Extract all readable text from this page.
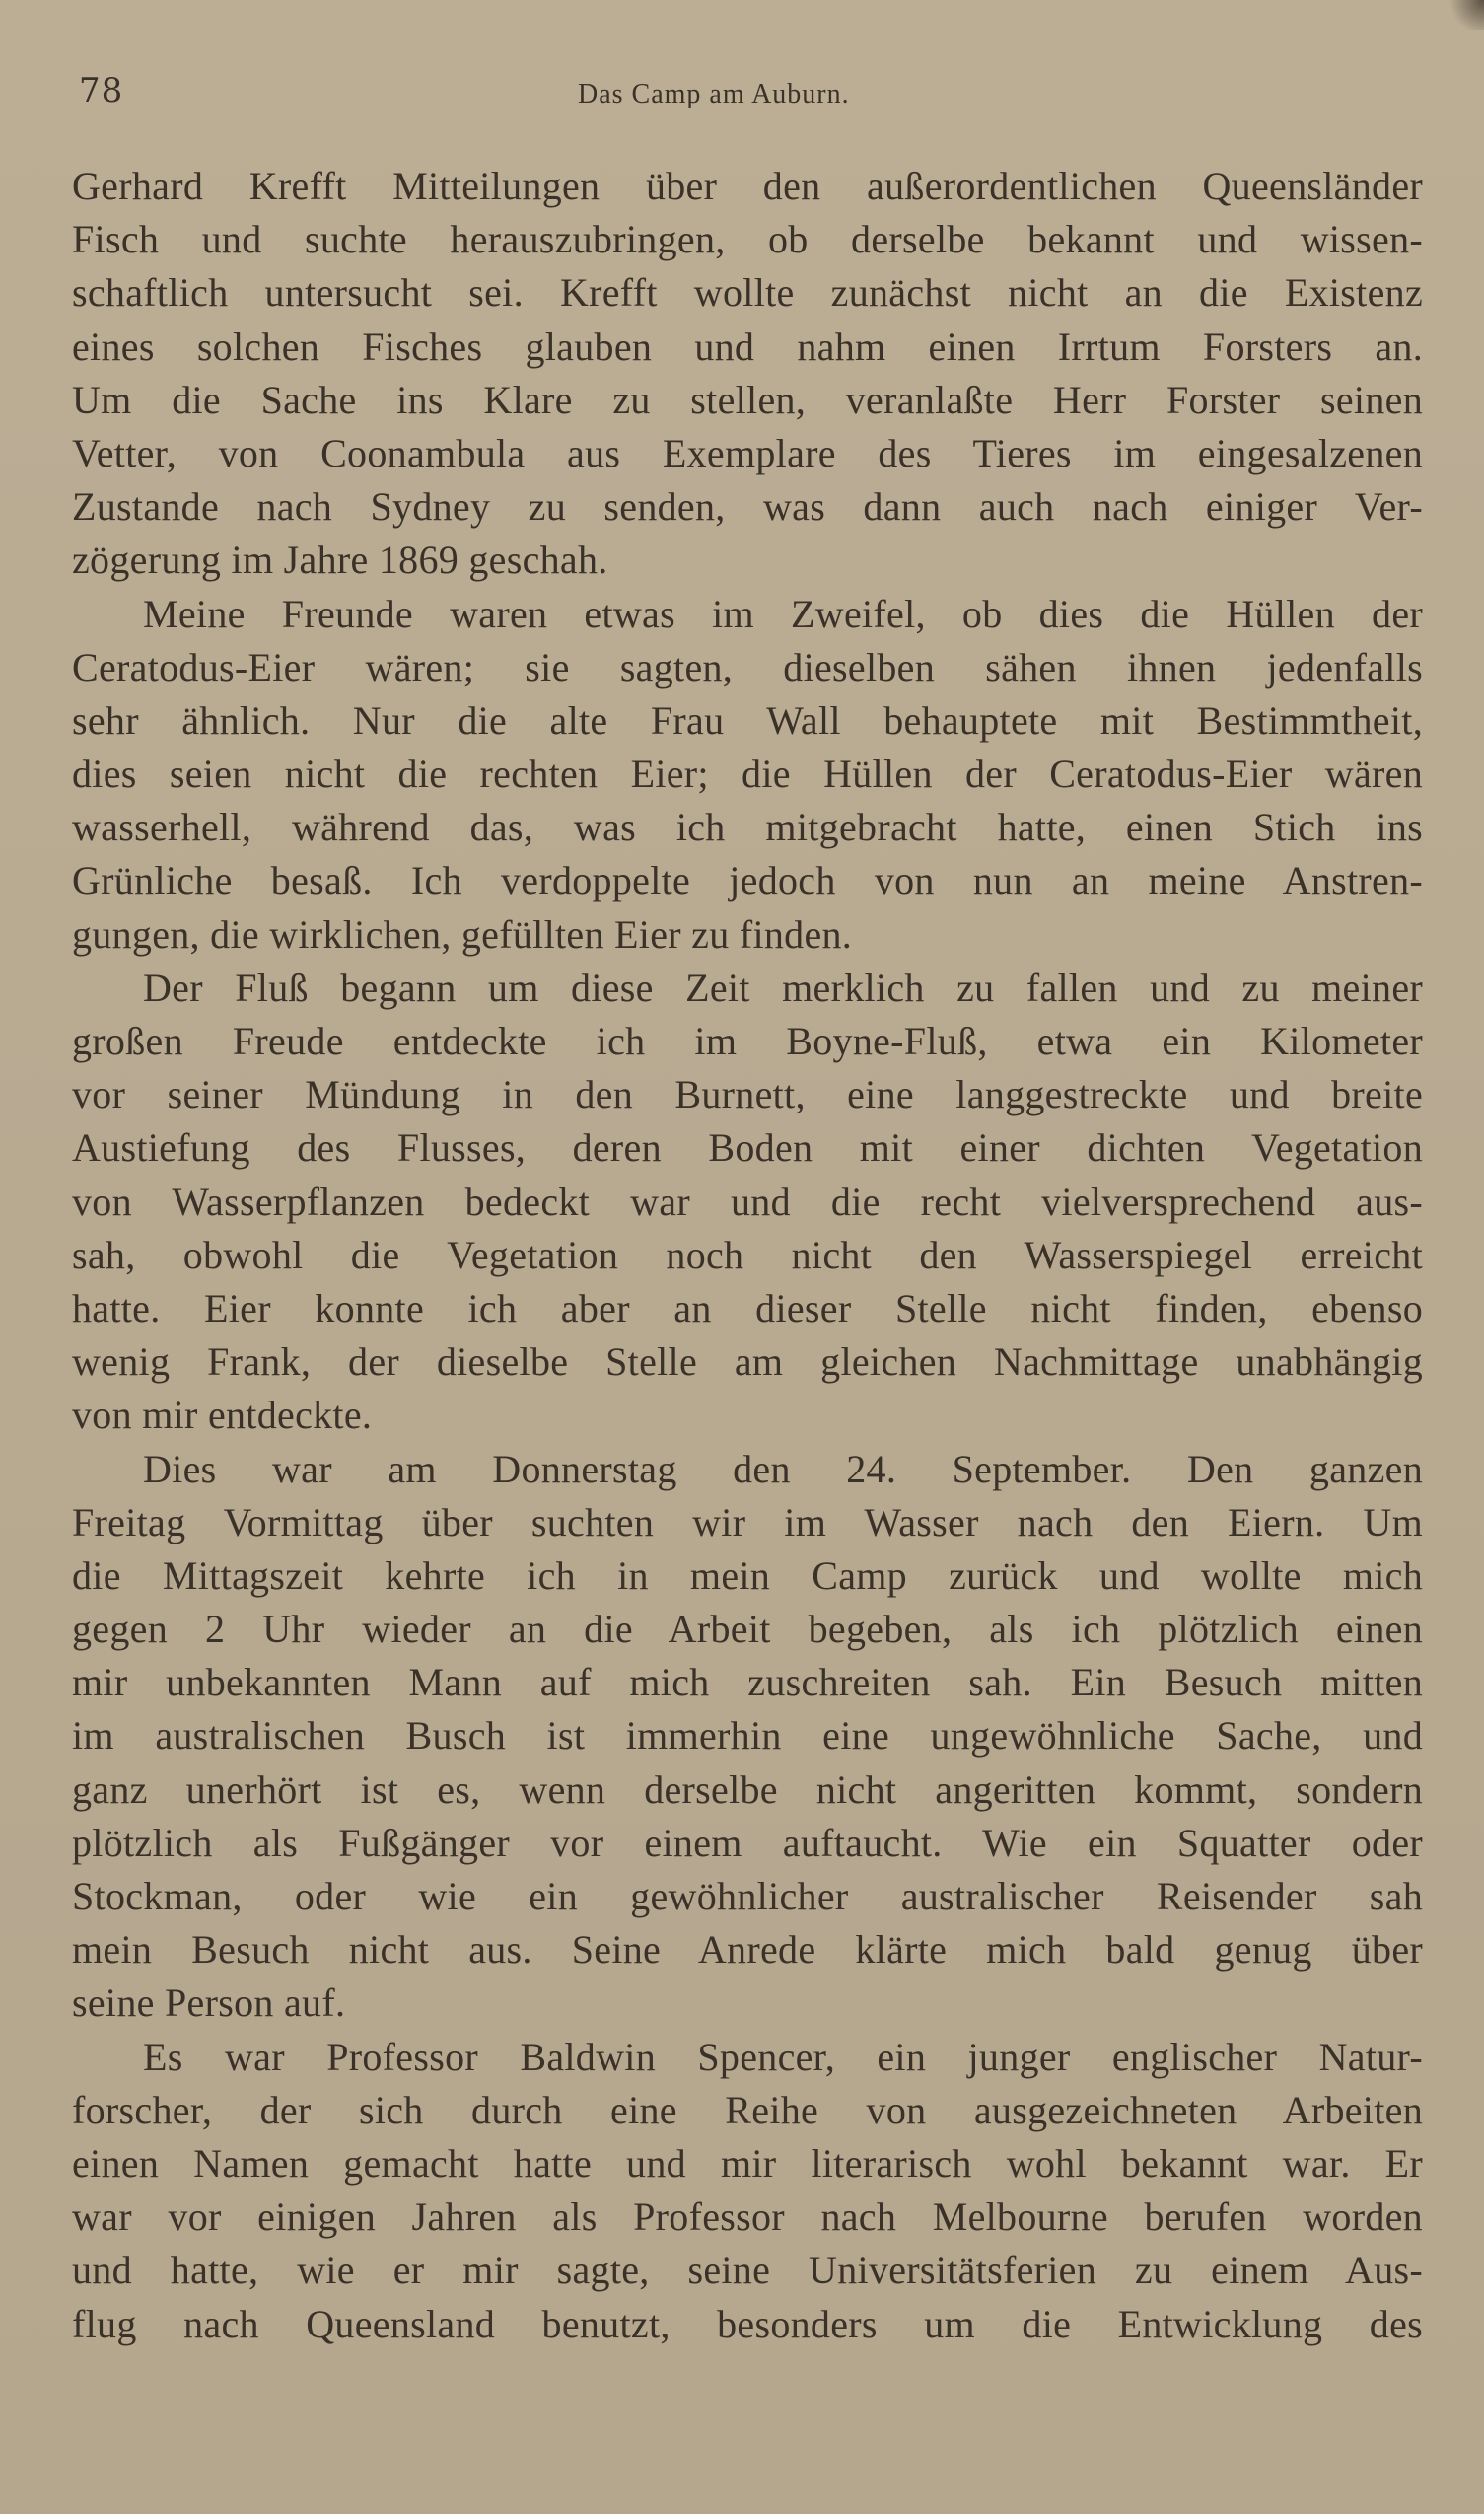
78	Das Camp am Auburn.
Gerhard Krefft Mitteilungen über den außerordentlichen Queensländer
Fisch und suchte herauszubringen, ob derselbe bekannt und wissen-
schaftlich untersucht sei. Krefft wollte zunächst nicht an die Existenz
eines solchen Fisches glauben und nahm einen Irrtum Forsters an.
Um die Sache ins Klare zu stellen, veranlaßte Herr Forster seinen
Vetter, von Coonambula aus Exemplare des Tieres im eingesalzenen
Zustande nach Sydney zu senden, was dann auch nach einiger Ver-
zögerung im Jahre 1869 geschah.
Meine Freunde waren etwas im Zweifel, ob dies die Hüllen der
Ceratodus-Eier wären; sie sagten, dieselben sähen ihnen jedenfalls
sehr ähnlich. Nur die alte Frau Wall behauptete mit Bestimmtheit,
dies seien nicht die rechten Eier; die Hüllen der Ceratodus-Eier wären
wasserhell, während das, was ich mitgebracht hatte, einen Stich ins
Grünliche besaß. Ich verdoppelte jedoch von nun an meine Anstren-
gungen, die wirklichen, gefüllten Eier zu finden.
Der Fluß begann um diese Zeit merklich zu fallen und zu meiner
großen Freude entdeckte ich im Boyne-Fluß, etwa ein Kilometer
vor seiner Mündung in den Burnett, eine langgestreckte und breite
Austiefung des Flusses, deren Boden mit einer dichten Vegetation
von Wasserpflanzen bedeckt war und die recht vielversprechend aus-
sah, obwohl die Vegetation noch nicht den Wasserspiegel erreicht
hatte. Eier konnte ich aber an dieser Stelle nicht finden, ebenso
wenig Frank, der dieselbe Stelle am gleichen Nachmittage unabhängig
von mir entdeckte.
Dies war am Donnerstag den 24. September. Den ganzen
Freitag Vormittag über suchten wir im Wasser nach den Eiern. Um
die Mittagszeit kehrte ich in mein Camp zurück und wollte mich
gegen 2 Uhr wieder an die Arbeit begeben, als ich plötzlich einen
mir unbekannten Mann auf mich zuschreiten sah. Ein Besuch mitten
im australischen Busch ist immerhin eine ungewöhnliche Sache, und
ganz unerhört ist es, wenn derselbe nicht angeritten kommt, sondern
plötzlich als Fußgänger vor einem auftaucht. Wie ein Squatter oder
Stockman, oder wie ein gewöhnlicher australischer Reisender sah
mein Besuch nicht aus. Seine Anrede klärte mich bald genug über
seine Person auf.
Es war Professor Baldwin Spencer, ein junger englischer Natur-
forscher, der sich durch eine Reihe von ausgezeichneten Arbeiten
einen Namen gemacht hatte und mir literarisch wohl bekannt war. Er
war vor einigen Jahren als Professor nach Melbourne berufen worden
und hatte, wie er mir sagte, seine Universitätsferien zu einem Aus-
flug nach Queensland benutzt, besonders um die Entwicklung des
